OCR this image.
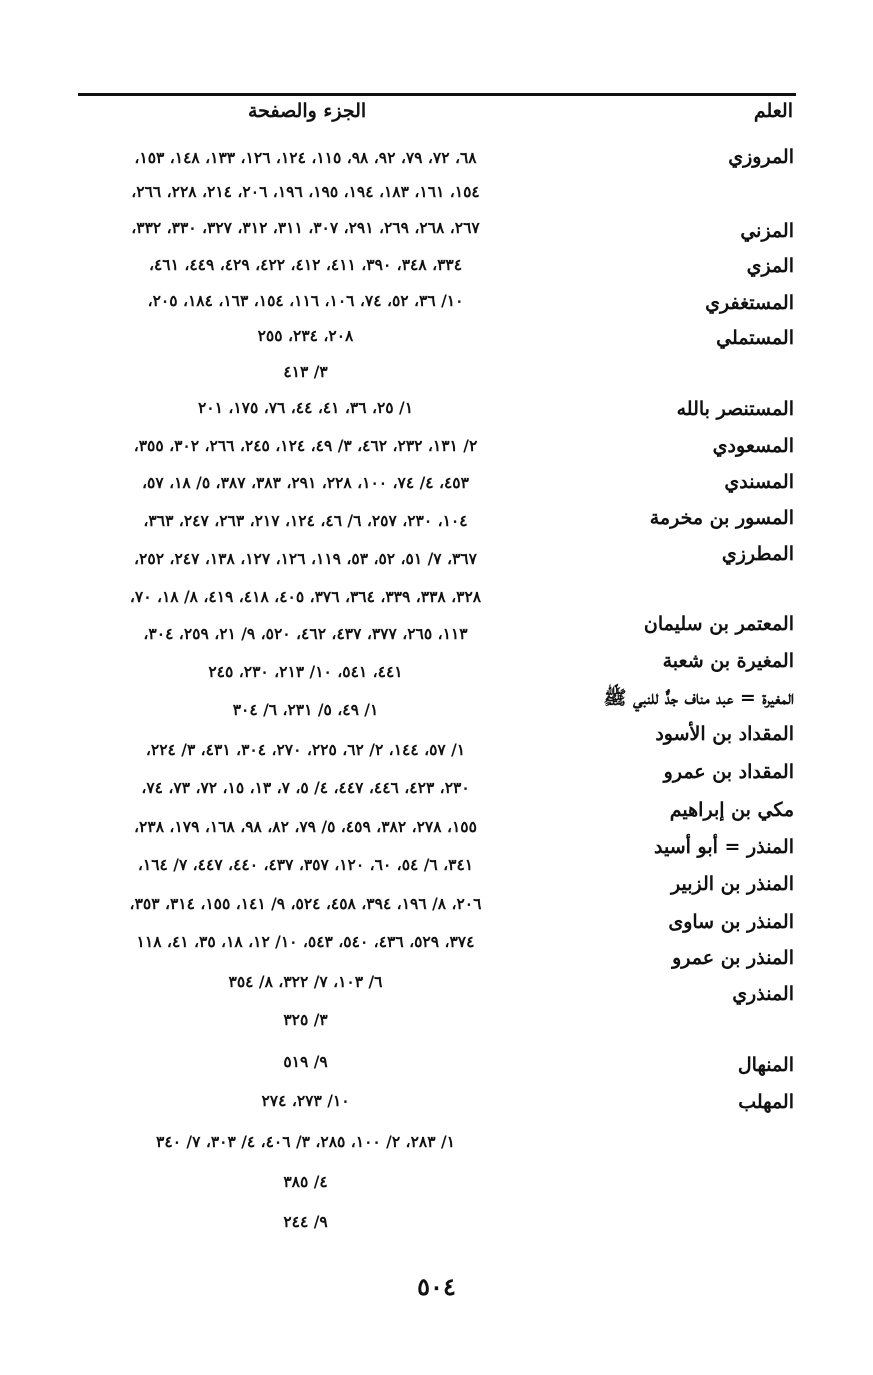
العلم
الجزء والصفحة
المروزي
المزني
المزي
المستغفري
المستملي
المستنصر بالله
المسعودي
المسندي
المسور بن مخرمة
المطرزي
المعتمر بن سليمان
المغيرة بن شعبة
المغيرة = عبد مناف جدٌّ للنبي ﷺ
المقداد بن الأسود
المقداد بن عمرو
مكي بن إبراهيم
المنذر = أبو أسيد
المنذر بن الزبير
المنذر بن ساوى
المنذر بن عمرو
المنذري
المنهال
المهلب
٦٨، ٧٢، ٧٩، ٩٢، ٩٨، ١١٥، ١٢٤، ١٢٦، ١٣٣، ١٤٨، ١٥٣،
١٥٤، ١٦١، ١٨٣، ١٩٤، ١٩٥، ١٩٦، ٢٠٦، ٢١٤، ٢٢٨، ٢٦٦،
٢٦٧، ٢٦٨، ٢٦٩، ٢٩١، ٣٠٧، ٣١١، ٣١٢، ٣٢٧، ٣٣٠، ٣٣٢،
٣٣٤، ٣٤٨، ٣٩٠، ٤١١، ٤١٢، ٤٢٢، ٤٢٩، ٤٤٩، ٤٦١،
١٠/ ٣٦، ٥٢، ٧٤، ١٠٦، ١١٦، ١٥٤، ١٦٣، ١٨٤، ٢٠٥،
٢٠٨، ٢٣٤، ٢٥٥
٣/ ٤١٣
١/ ٢٥، ٣٦، ٤١، ٤٤، ٧٦، ١٧٥، ٢٠١
٢/ ١٣١، ٢٣٢، ٤٦٢، ٣/ ٤٩، ١٢٤، ٢٤٥، ٢٦٦، ٣٠٢، ٣٥٥،
٤٥٣، ٤/ ٧٤، ١٠٠، ٢٢٨، ٢٩١، ٣٨٣، ٣٨٧، ٥/ ١٨، ٥٧،
١٠٤، ٢٣٠، ٢٥٧، ٦/ ٤٦، ١٢٤، ٢١٧، ٢٦٣، ٢٤٧، ٣٦٣،
٣٦٧، ٧/ ٥١، ٥٢، ٥٣، ١١٩، ١٢٦، ١٢٧، ١٣٨، ٢٤٧، ٢٥٢،
٣٢٨، ٣٣٨، ٣٣٩، ٣٦٤، ٣٧٦، ٤٠٥، ٤١٨، ٤١٩، ٨/ ١٨، ٧٠،
١١٣، ٢٦٥، ٣٧٧، ٤٣٧، ٤٦٢، ٥٢٠، ٩/ ٢١، ٢٥٩، ٣٠٤،
٤٤١، ٥٤١، ١٠/ ٢١٣، ٢٣٠، ٢٤٥
١/ ٤٩، ٥/ ٢٣١، ٦/ ٣٠٤
١/ ٥٧، ١٤٤، ٢/ ٦٢، ٢٢٥، ٢٧٠، ٣٠٤، ٤٣١، ٣/ ٢٢٤،
٢٣٠، ٤٢٣، ٤٤٦، ٤٤٧، ٤/ ٥، ٧، ١٣، ١٥، ٧٢، ٧٣، ٧٤،
١٥٥، ٢٧٨، ٣٨٢، ٤٥٩، ٥/ ٧٩، ٨٢، ٩٨، ١٦٨، ١٧٩، ٢٣٨،
٣٤١، ٦/ ٥٤، ٦٠، ١٢٠، ٣٥٧، ٤٣٧، ٤٤٠، ٤٤٧، ٧/ ١٦٤،
٢٠٦، ٨/ ١٩٦، ٣٩٤، ٤٥٨، ٥٢٤، ٩/ ١٤١، ١٥٥، ٣١٤، ٣٥٣،
٣٧٤، ٥٢٩، ٤٣٦، ٥٤٠، ٥٤٣، ١٠/ ١٢، ١٨، ٣٥، ٤١، ١١٨
٦/ ١٠٣، ٧/ ٣٢٢، ٨/ ٣٥٤
٣/ ٣٢٥
٩/ ٥١٩
١٠/ ٢٧٣، ٢٧٤
١/ ٢٨٣، ٢/ ١٠٠، ٢٨٥، ٣/ ٤٠٦، ٤/ ٣٠٣، ٧/ ٣٤٠
٤/ ٣٨٥
٩/ ٢٤٤
٥٠٤
